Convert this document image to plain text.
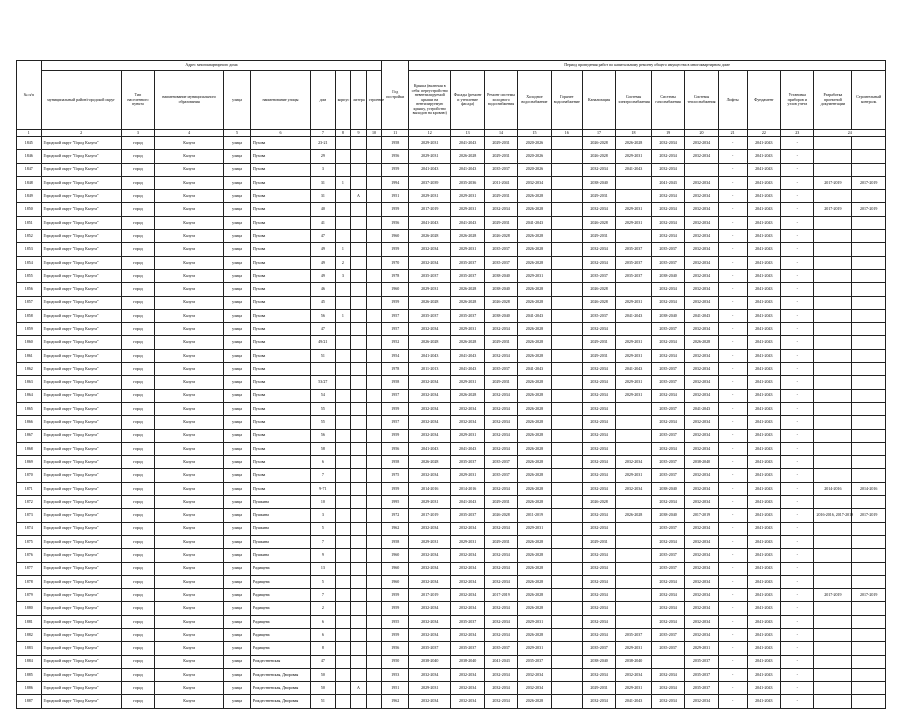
№ п/п	Адрес многоквартирного дома									Год постройки	Период проведения работ по капитальному ремонту общего имущества в многоквартирном доме													
	муниципальный район/городской округ	Тип населенного пункта	наименование муниципального образования	улица	наименование улицы	дом	корпус	литера	строение		Крыша (включая в себя: переустройство невентилируемой крыши на вентилируемую крышу, устройство выходов на кровлю)	Фасады (ремонт и утепление фасада)	Ремонт системы холодного водоснабжения	Холодное водоснабжение	Горячее водоснабжение	Канализация	Системы электроснабжения	Системы газоснабжения	Системы теплоснабжения	Лифты	Фундамент	Установка приборов и узлов учета	Разработка проектной документации	Строительный контроль
1	2	3	4	5	6	7	8	9	10	11	12	13	14	15	16	17	18	19	20	21	22	23	24	
1845	Городской округ "Город Калуга"	город	Калуга	улица	Пухова	23-21				1958	2029-2031	2041-2043	2029-2031	2020-2026		2026-2028	2026-2028	2032-2034	2032-2034	-	2041-2043	-		
1846	Городской округ "Город Калуга"	город	Калуга	улица	Пухова	29				1956	2029-2031	2026-2028	2029-2031	2020-2026		2026-2028	2029-2031	2032-2034	2032-2034	-	2041-2043	-		
1847	Городской округ "Город Калуга"	город	Калуга	улица	Пухова	3				1959	2041-2043	2041-2043	2035-2037	2020-2026		2032-2034	2041-2043	2032-2034		-	2041-2043	-		
1848	Городской округ "Город Калуга"	город	Калуга	улица	Пухова	31	1			1994	2037-2039	2035-2036	2011-2041	2032-2034		2038-2040		2041-2043	2032-2034	-	2041-2043	-	2017-2019	2017-2019
1849	Городской округ "Город Калуга"	город	Калуга	улица	Пухова	31		А		1951	2029-2031	2029-2031	2029-2031	2026-2028		2029-2031		2032-2034	2032-2034	-	2041-2043	-		
1850	Городской округ "Город Калуга"	город	Калуга	улица	Пухова	40				1959	2017-2019	2029-2031	2032-2034	2026-2028		2032-2034	2029-2031	2032-2034	2032-2034	-	2041-2043	-	2017-2019	2017-2019
1851	Городской округ "Город Калуга"	город	Калуга	улица	Пухова	41				1956	2041-2043	2041-2043	2029-2031	2041-2043		2026-2028	2029-2031	2032-2034	2032-2034	-	2041-2043	-		
1852	Городской округ "Город Калуга"	город	Калуга	улица	Пухова	47				1960	2026-2028	2026-2028	2026-2028	2026-2028		2029-2031		2032-2034	2032-2034	-	2041-2043	-		
1853	Городской округ "Город Калуга"	город	Калуга	улица	Пухова	49	1			1959	2032-2034	2029-2031	2035-2037	2026-2028		2032-2034	2035-2037	2035-2037	2032-2034	-	2041-2043	-		
1854	Городской округ "Город Калуга"	город	Калуга	улица	Пухова	49	2			1970	2032-2034	2035-2037	2035-2037	2026-2028		2032-2034	2035-2037	2035-2037	2032-2034	-	2041-2043	-		
1855	Городской округ "Город Калуга"	город	Калуга	улица	Пухова	49	3			1978	2035-2037	2035-2037	2038-2040	2029-2031		2035-2037	2035-2037	2038-2040	2032-2034	-	2041-2043	-		
1856	Городской округ "Город Калуга"	город	Калуга	улица	Пухова	46				1960	2029-2031	2026-2028	2038-2040	2026-2028		2026-2028		2032-2034	2032-2034	-	2041-2043	-		
1857	Городской округ "Город Калуга"	город	Калуга	улица	Пухова	45				1959	2026-2028	2026-2028	2026-2028	2026-2028		2026-2028	2029-2031	2032-2034	2032-2034	-	2041-2043	-		
1858	Городской округ "Город Калуга"	город	Калуга	улица	Пухова	56	1			1957	2035-2037	2035-2037	2038-2040	2041-2043		2035-2037	2041-2043	2038-2040	2041-2043	-	2041-2043	-		
1859	Городской округ "Город Калуга"	город	Калуга	улица	Пухова	47				1957	2032-2034	2029-2031	2032-2034	2026-2028		2032-2034		2035-2037	2032-2034	-	2041-2043	-		
1860	Городской округ "Город Калуга"	город	Калуга	улица	Пухова	49/21				1952	2026-2028	2026-2028	2029-2031	2026-2028		2029-2031	2029-2031	2032-2034	2026-2028	-	2041-2043	-		
1861	Городской округ "Город Калуга"	город	Калуга	улица	Пухова	51				1954	2041-2043	2041-2043	2032-2034	2026-2028		2029-2031	2029-2031	2032-2034	2032-2034	-	2041-2043	-		
1862	Городской округ "Город Калуга"	город	Калуга	улица	Пухова					1978	2011-2013	2041-2043	2035-2037	2041-2043		2032-2034	2041-2043	2035-2037	2032-2034	-	2041-2043	-		
1863	Городской округ "Город Калуга"	город	Калуга	улица	Пухова	53/27				1958	2032-2034	2029-2031	2029-2031	2026-2028		2032-2034	2029-2031	2035-2037	2032-2034	-	2041-2043	-		
1864	Городской округ "Город Калуга"	город	Калуга	улица	Пухова	54				1957	2032-2034	2026-2028	2032-2034	2026-2028		2032-2034	2029-2031	2032-2034	2032-2034	-	2041-2043	-		
1865	Городской округ "Город Калуга"	город	Калуга	улица	Пухова	55				1959	2032-2034	2032-2034	2032-2034	2026-2028		2032-2034		2035-2037	2041-2043	-	2041-2043	-		
1866	Городской округ "Город Калуга"	город	Калуга	улица	Пухова	55				1957	2032-2034	2032-2034	2032-2034	2026-2028		2032-2034		2032-2034	2032-2034	-	2041-2043	-		
1867	Городской округ "Город Калуга"	город	Калуга	улица	Пухова	56				1959	2032-2034	2029-2031	2032-2034	2026-2028		2032-2034		2035-2037	2032-2034	-	2041-2043	-		
1868	Городской округ "Город Калуга"	город	Калуга	улица	Пухова	58				1956	2041-2043	2041-2043	2032-2034	2026-2028		2032-2034		2032-2034	2032-2034	-	2041-2043	-		
1869	Городской округ "Город Калуга"	город	Калуга	улица	Пухова	6				1958	2026-2028	2035-2037	2035-2037	2026-2028		2032-2034	2032-2034	2035-2037	2038-2040	-	2041-2043	-		
1870	Городской округ "Город Калуга"	город	Калуга	улица	Пухова	7				1975	2032-2034	2029-2031	2035-2037	2026-2028		2032-2034	2029-2031	2035-2037	2032-2034	-	2041-2043	-		
1871	Городской округ "Город Калуга"	город	Калуга	улица	Пухова	9-71				1959	2014-2016	2014-2016	2032-2034	2026-2028		2032-2034	2032-2034	2038-2040	2032-2034	-	2041-2043	-	2014-2016	2014-2016
1872	Городской округ "Город Калуга"	город	Калуга	улица	Пушкина	10				1995	2029-2031	2041-2043	2029-2031	2026-2028		2026-2028		2032-2034	2032-2034	-	2041-2043	-		
1873	Городской округ "Город Калуга"	город	Калуга	улица	Пушкина	3				1972	2017-2019	2035-2037	2026-2028	2011-2019		2032-2034	2026-2028	2038-2040	2017-2019	-	2041-2043	-	2016-2016, 2017-2019	2017-2019
1874	Городской округ "Город Калуга"	город	Калуга	улица	Пушкина	5				1962	2032-2034	2032-2034	2032-2034	2029-2031		2032-2034		2035-2037	2032-2034	-	2041-2043	-		
1875	Городской округ "Город Калуга"	город	Калуга	улица	Пушкина	7				1958	2029-2031	2029-2031	2029-2031	2026-2028		2029-2031		2032-2034	2032-2034	-	2041-2043	-		
1876	Городской округ "Город Калуга"	город	Калуга	улица	Пушкина	9				1960	2032-2034	2032-2034	2032-2034	2026-2028		2032-2034		2035-2037	2032-2034	-	2041-2043	-		
1877	Городской округ "Город Калуга"	город	Калуга	улица	Радищева	13				1960	2032-2034	2032-2034	2032-2034	2026-2028		2032-2034		2035-2037	2032-2034	-	2041-2043	-		
1878	Городской округ "Город Калуга"	город	Калуга	улица	Радищева	5				1960	2032-2034	2032-2034	2032-2034	2026-2028		2032-2034		2032-2034	2032-2034	-	2041-2043	-		
1879	Городской округ "Город Калуга"	город	Калуга	улица	Радищева	7				1959	2017-2019	2032-2034	2017-2019	2026-2028		2032-2034		2032-2034	2032-2034	-	2041-2043	-	2017-2019	2017-2019
1880	Городской округ "Город Калуга"	город	Калуга	улица	Радищева	2				1959	2032-2034	2032-2034	2032-2034	2026-2028		2032-2034		2032-2034	2032-2034	-	2041-2043	-		
1881	Городской округ "Город Калуга"	город	Калуга	улица	Радищева	6				1955	2032-2034	2035-2037	2032-2034	2029-2031		2032-2034		2032-2034	2032-2034	-	2041-2043	-		
1882	Городской округ "Город Калуга"	город	Калуга	улица	Радищева	6				1959	2032-2034	2032-2034	2032-2034	2026-2028		2032-2034	2035-2037	2035-2037	2032-2034	-	2041-2043	-		
1883	Городской округ "Город Калуга"	город	Калуга	улица	Радищева	8				1956	2035-2037	2035-2037	2035-2037	2029-2031		2035-2037	2029-2031	2035-2037	2029-2031	-	2041-2043	-		
1884	Городской округ "Город Калуга"	город	Калуга	улица	Рождественская	47				1950	2038-2040	2038-2040	2041-2043	2035-2037		2038-2040	2038-2040		2035-2037	-	2041-2043	-		
1885	Городской округ "Город Калуга"	город	Калуга	улица	Рождественская, Дворовая	50				1953	2032-2034	2032-2034	2032-2034	2032-2034		2032-2034	2032-2034	2032-2034	2035-2037	-	2041-2043	-		
1886	Городской округ "Город Калуга"	город	Калуга	улица	Рождественская, Дворовая	50		А		1951	2029-2031	2032-2034	2032-2034	2032-2034		2029-2031	2029-2031	2032-2034	2035-2037	-	2041-2043	-		
1887	Городской округ "Город Калуга"	город	Калуга	улица	Рождественская, Дворовая	51				1962	2032-2034	2032-2034	2032-2034	2026-2028		2032-2034	2041-2043	2032-2034	2032-2034	-	2041-2043	-		
